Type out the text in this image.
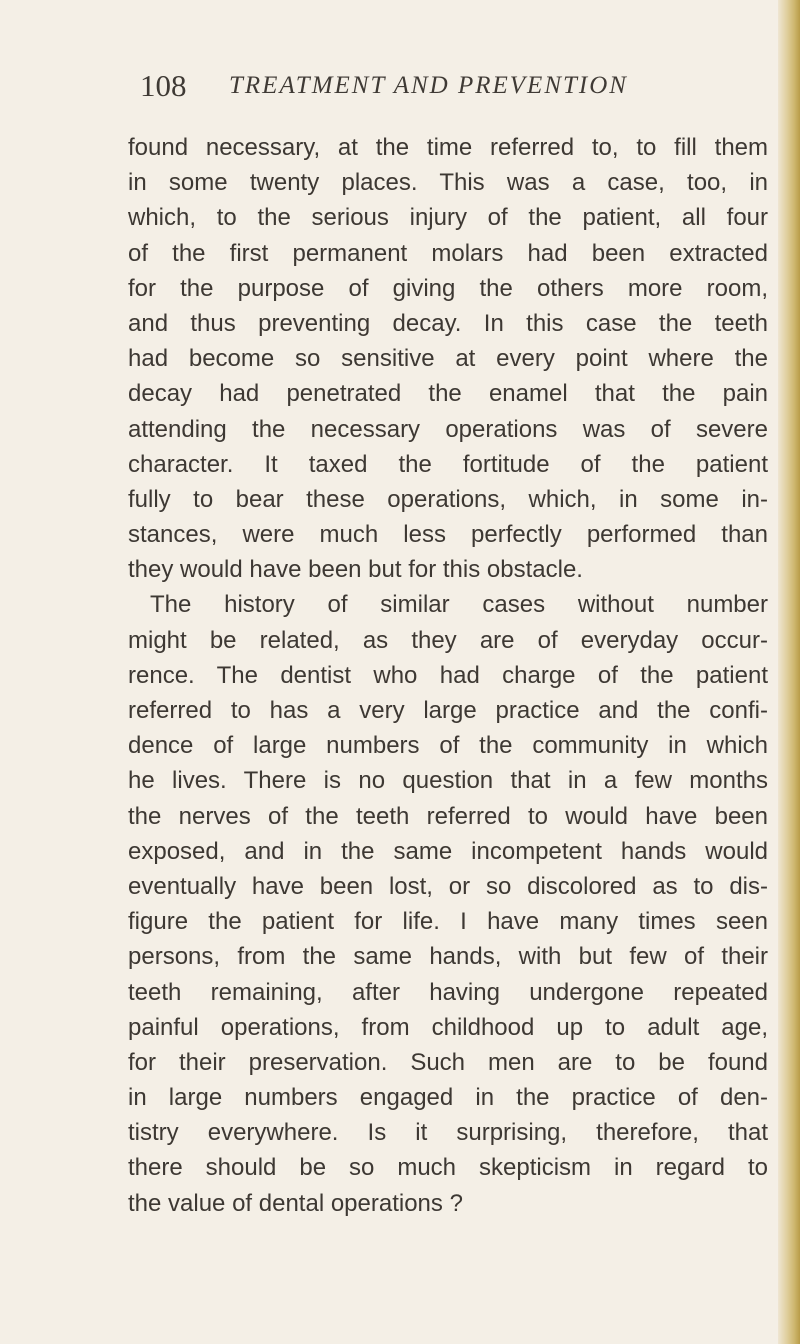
108 TREATMENT AND PREVENTION
found necessary, at the time referred to, to fill them
in some twenty places. This was a case, too, in
which, to the serious injury of the patient, all four
of the first permanent molars had been extracted
for the purpose of giving the others more room,
and thus preventing decay. In this case the teeth
had become so sensitive at every point where the
decay had penetrated the enamel that the pain
attending the necessary operations was of severe
character. It taxed the fortitude of the patient
fully to bear these operations, which, in some in-
stances, were much less perfectly performed than
they would have been but for this obstacle.
The history of similar cases without number
might be related, as they are of everyday occur-
rence. The dentist who had charge of the patient
referred to has a very large practice and the confi-
dence of large numbers of the community in which
he lives. There is no question that in a few months
the nerves of the teeth referred to would have been
exposed, and in the same incompetent hands would
eventually have been lost, or so discolored as to dis-
figure the patient for life. I have many times seen
persons, from the same hands, with but few of their
teeth remaining, after having undergone repeated
painful operations, from childhood up to adult age,
for their preservation. Such men are to be found
in large numbers engaged in the practice of den-
tistry everywhere. Is it surprising, therefore, that
there should be so much skepticism in regard to
the value of dental operations ?
